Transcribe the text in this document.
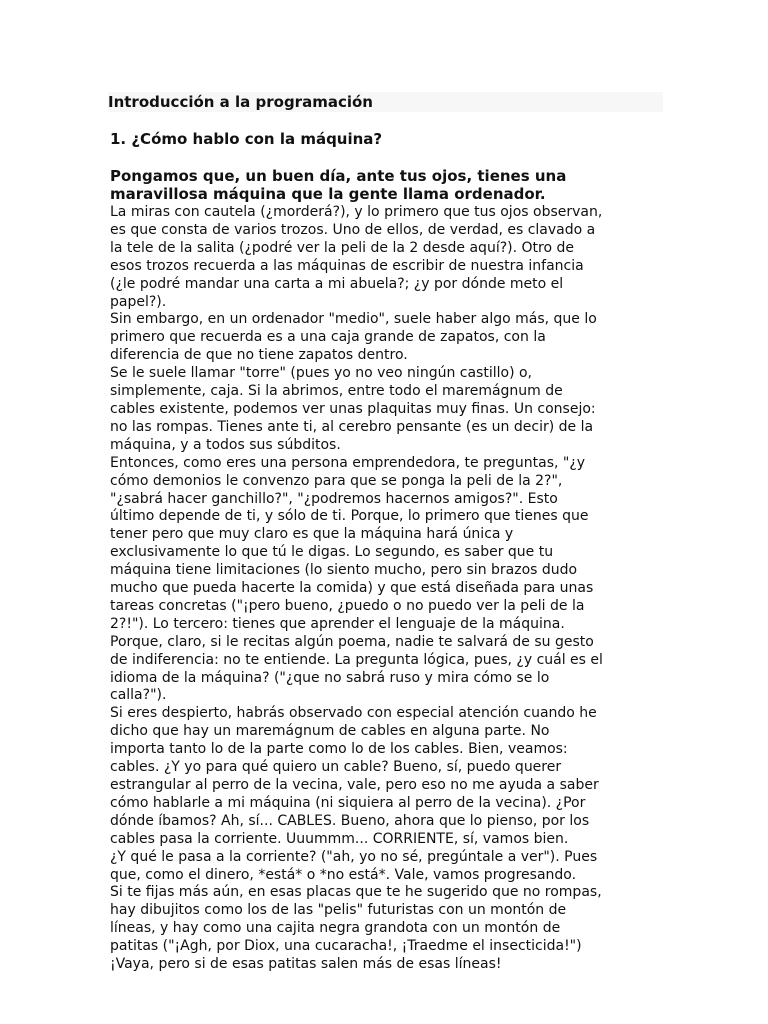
Introducción a la programación
1. ¿Cómo hablo con la máquina?
Pongamos que, un buen día, ante tus ojos, tienes una
maravillosa máquina que la gente llama ordenador.
La miras con cautela (¿morderá?), y lo primero que tus ojos observan,
es que consta de varios trozos. Uno de ellos, de verdad, es clavado a
la tele de la salita (¿podré ver la peli de la 2 desde aquí?). Otro de
esos trozos recuerda a las máquinas de escribir de nuestra infancia
(¿le podré mandar una carta a mi abuela?; ¿y por dónde meto el
papel?).
Sin embargo, en un ordenador "medio", suele haber algo más, que lo
primero que recuerda es a una caja grande de zapatos, con la
diferencia de que no tiene zapatos dentro.
Se le suele llamar "torre" (pues yo no veo ningún castillo) o,
simplemente, caja. Si la abrimos, entre todo el maremágnum de
cables existente, podemos ver unas plaquitas muy finas. Un consejo:
no las rompas. Tienes ante ti, al cerebro pensante (es un decir) de la
máquina, y a todos sus súbditos.
Entonces, como eres una persona emprendedora, te preguntas, "¿y
cómo demonios le convenzo para que se ponga la peli de la 2?",
"¿sabrá hacer ganchillo?", "¿podremos hacernos amigos?". Esto
último depende de ti, y sólo de ti. Porque, lo primero que tienes que
tener pero que muy claro es que la máquina hará única y
exclusivamente lo que tú le digas. Lo segundo, es saber que tu
máquina tiene limitaciones (lo siento mucho, pero sin brazos dudo
mucho que pueda hacerte la comida) y que está diseñada para unas
tareas concretas ("¡pero bueno, ¿puedo o no puedo ver la peli de la
2?!"). Lo tercero: tienes que aprender el lenguaje de la máquina.
Porque, claro, si le recitas algún poema, nadie te salvará de su gesto
de indiferencia: no te entiende. La pregunta lógica, pues, ¿y cuál es el
idioma de la máquina? ("¿que no sabrá ruso y mira cómo se lo
calla?").
Si eres despierto, habrás observado con especial atención cuando he
dicho que hay un maremágnum de cables en alguna parte. No
importa tanto lo de la parte como lo de los cables. Bien, veamos:
cables. ¿Y yo para qué quiero un cable? Bueno, sí, puedo querer
estrangular al perro de la vecina, vale, pero eso no me ayuda a saber
cómo hablarle a mi máquina (ni siquiera al perro de la vecina). ¿Por
dónde íbamos? Ah, sí... CABLES. Bueno, ahora que lo pienso, por los
cables pasa la corriente. Uuummm... CORRIENTE, sí, vamos bien.
¿Y qué le pasa a la corriente? ("ah, yo no sé, pregúntale a ver"). Pues
que, como el dinero, *está* o *no está*. Vale, vamos progresando.
Si te fijas más aún, en esas placas que te he sugerido que no rompas,
hay dibujitos como los de las "pelis" futuristas con un montón de
líneas, y hay como una cajita negra grandota con un montón de
patitas ("¡Agh, por Diox, una cucaracha!, ¡Traedme el insecticida!")
¡Vaya, pero si de esas patitas salen más de esas líneas!
